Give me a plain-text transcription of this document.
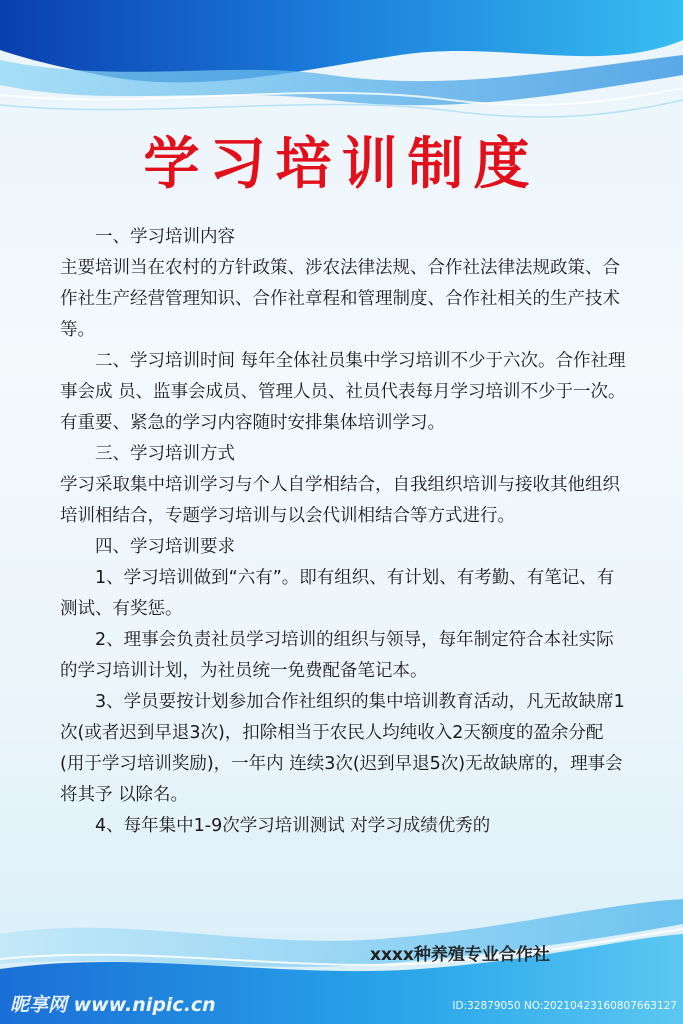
学习培训制度

一、学习培训内容

主要培训当在农村的方针政策、涉农法律法规、合作社法律法规政策、合作社生产经营管理知识、合作社章程和管理制度、合作社相关的生产技术等。

二、学习培训时间 每年全体社员集中学习培训不少于六次。合作社理事会成 员、监事会成员、管理人员、社员代表每月学习培训不少于一次。有重要、紧急的学习内容随时安排集体培训学习。

三、学习培训方式

学习采取集中培训学习与个人自学相结合，自我组织培训与接收其他组织培训相结合，专题学习培训与以会代训相结合等方式进行。

四、学习培训要求

1、学习培训做到“六有”。即有组织、有计划、有考勤、有笔记、有测试、有奖惩。

2、理事会负责社员学习培训的组织与领导，每年制定符合本社实际的学习培训计划，为社员统一免费配备笔记本。

3、学员要按计划参加合作社组织的集中培训教育活动，凡无故缺席1 次(或者迟到早退3次)，扣除相当于农民人均纯收入2天额度的盈余分配(用于学习培训奖励)，一年内 连续3次(迟到早退5次)无故缺席的，理事会将其予 以除名。

4、每年集中1-9次学习培训测试 对学习成绩优秀的

xxxx种养殖专业合作社
昵享网 www.nipic.cn	ID:32879050 NO:20210423160807663127
